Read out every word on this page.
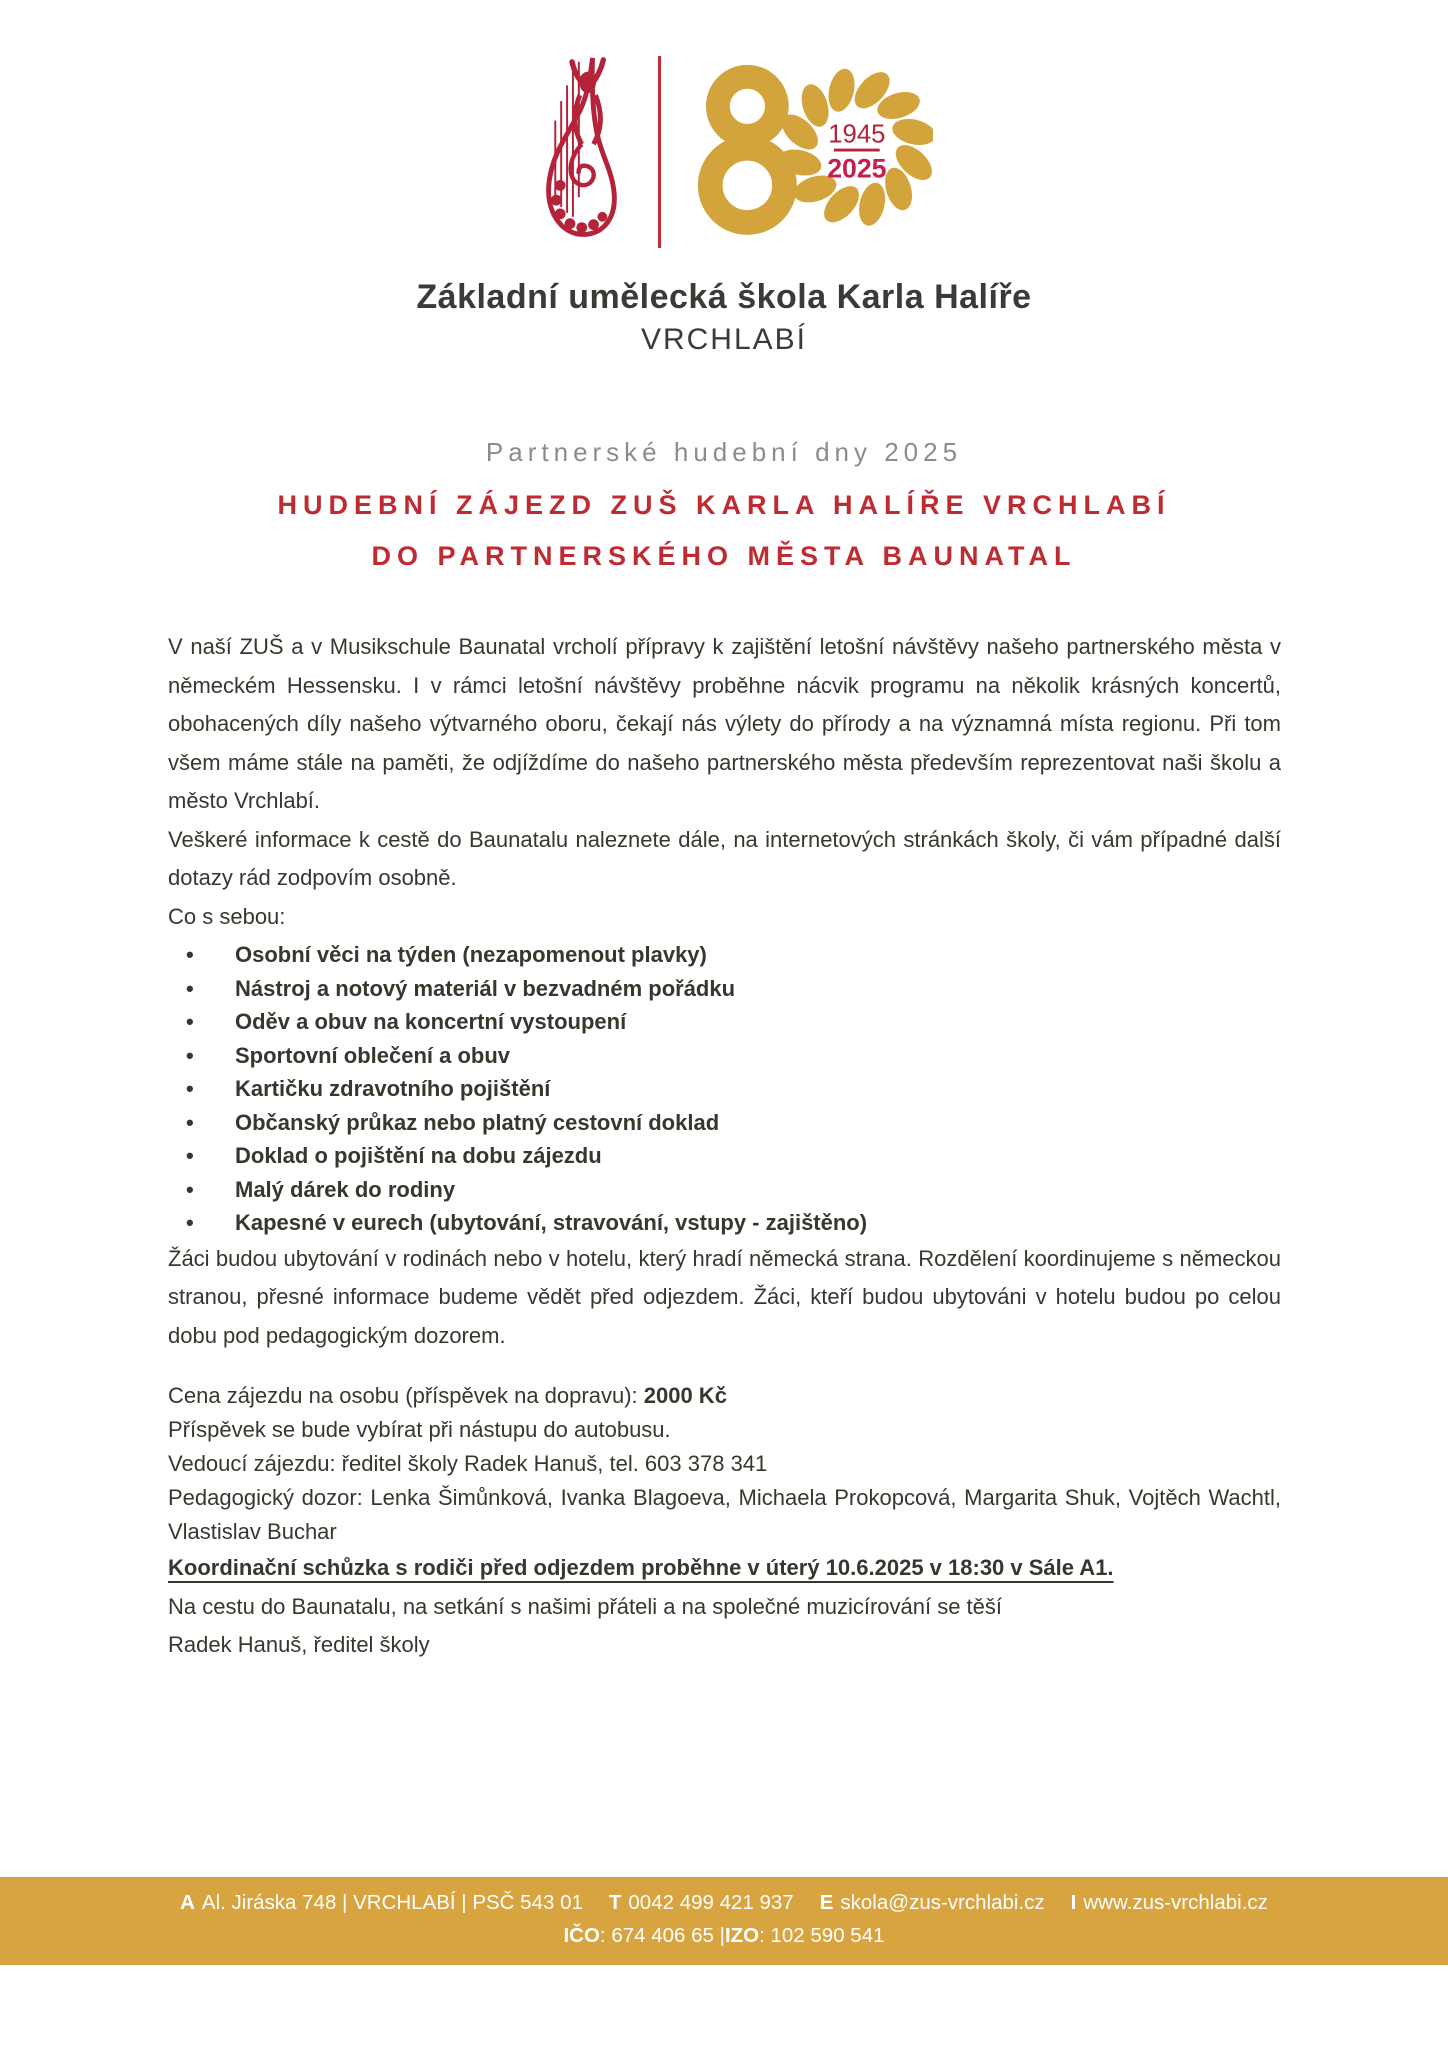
1945
2025
Základní umělecká škola Karla Halíře
VRCHLABÍ
Partnerské hudební dny 2025
HUDEBNÍ ZÁJEZD ZUŠ KARLA HALÍŘE VRCHLABÍ
DO PARTNERSKÉHO MĚSTA BAUNATAL

V naší ZUŠ a v Musikschule Baunatal vrcholí přípravy k zajištění letošní návštěvy našeho partnerského města v německém Hessensku. I v rámci letošní návštěvy proběhne nácvik programu na několik krásných koncertů, obohacených díly našeho výtvarného oboru, čekají nás výlety do přírody a na významná místa regionu. Při tom všem máme stále na paměti, že odjíždíme do našeho partnerského města především reprezentovat naši školu a město Vrchlabí.

Veškeré informace k cestě do Baunatalu naleznete dále, na internetových stránkách školy, či vám případné další dotazy rád zodpovím osobně.

Co s sebou:

•	Osobní věci na týden (nezapomenout plavky)
•	Nástroj a notový materiál v bezvadném pořádku
•	Oděv a obuv na koncertní vystoupení
•	Sportovní oblečení a obuv
•	Kartičku zdravotního pojištění
•	Občanský průkaz nebo platný cestovní doklad
•	Doklad o pojištění na dobu zájezdu
•	Malý dárek do rodiny
•	Kapesné v eurech (ubytování, stravování, vstupy - zajištěno)

Žáci budou ubytování v rodinách nebo v hotelu, který hradí německá strana. Rozdělení koordinujeme s německou stranou, přesné informace budeme vědět před odjezdem. Žáci, kteří budou ubytováni v hotelu budou po celou dobu pod pedagogickým dozorem.

Cena zájezdu na osobu (příspěvek na dopravu): 2000 Kč

Příspěvek se bude vybírat při nástupu do autobusu.

Vedoucí zájezdu: ředitel školy Radek Hanuš, tel. 603 378 341

Pedagogický dozor: Lenka Šimůnková, Ivanka Blagoeva, Michaela Prokopcová, Margarita Shuk, Vojtěch Wachtl, Vlastislav Buchar

Koordinační schůzka s rodiči před odjezdem proběhne v úterý 10.6.2025 v 18:30 v Sále A1.

Na cestu do Baunatalu, na setkání s našimi přáteli a na společné muzicírování se těší

Radek Hanuš, ředitel školy

A Al. Jiráska 748 | VRCHLABÍ | PSČ 543 01 T 0042 499 421 937 E skola@zus-vrchlabi.cz I www.zus-vrchlabi.cz
IČO : 674 406 65 | IZO : 102 590 541
